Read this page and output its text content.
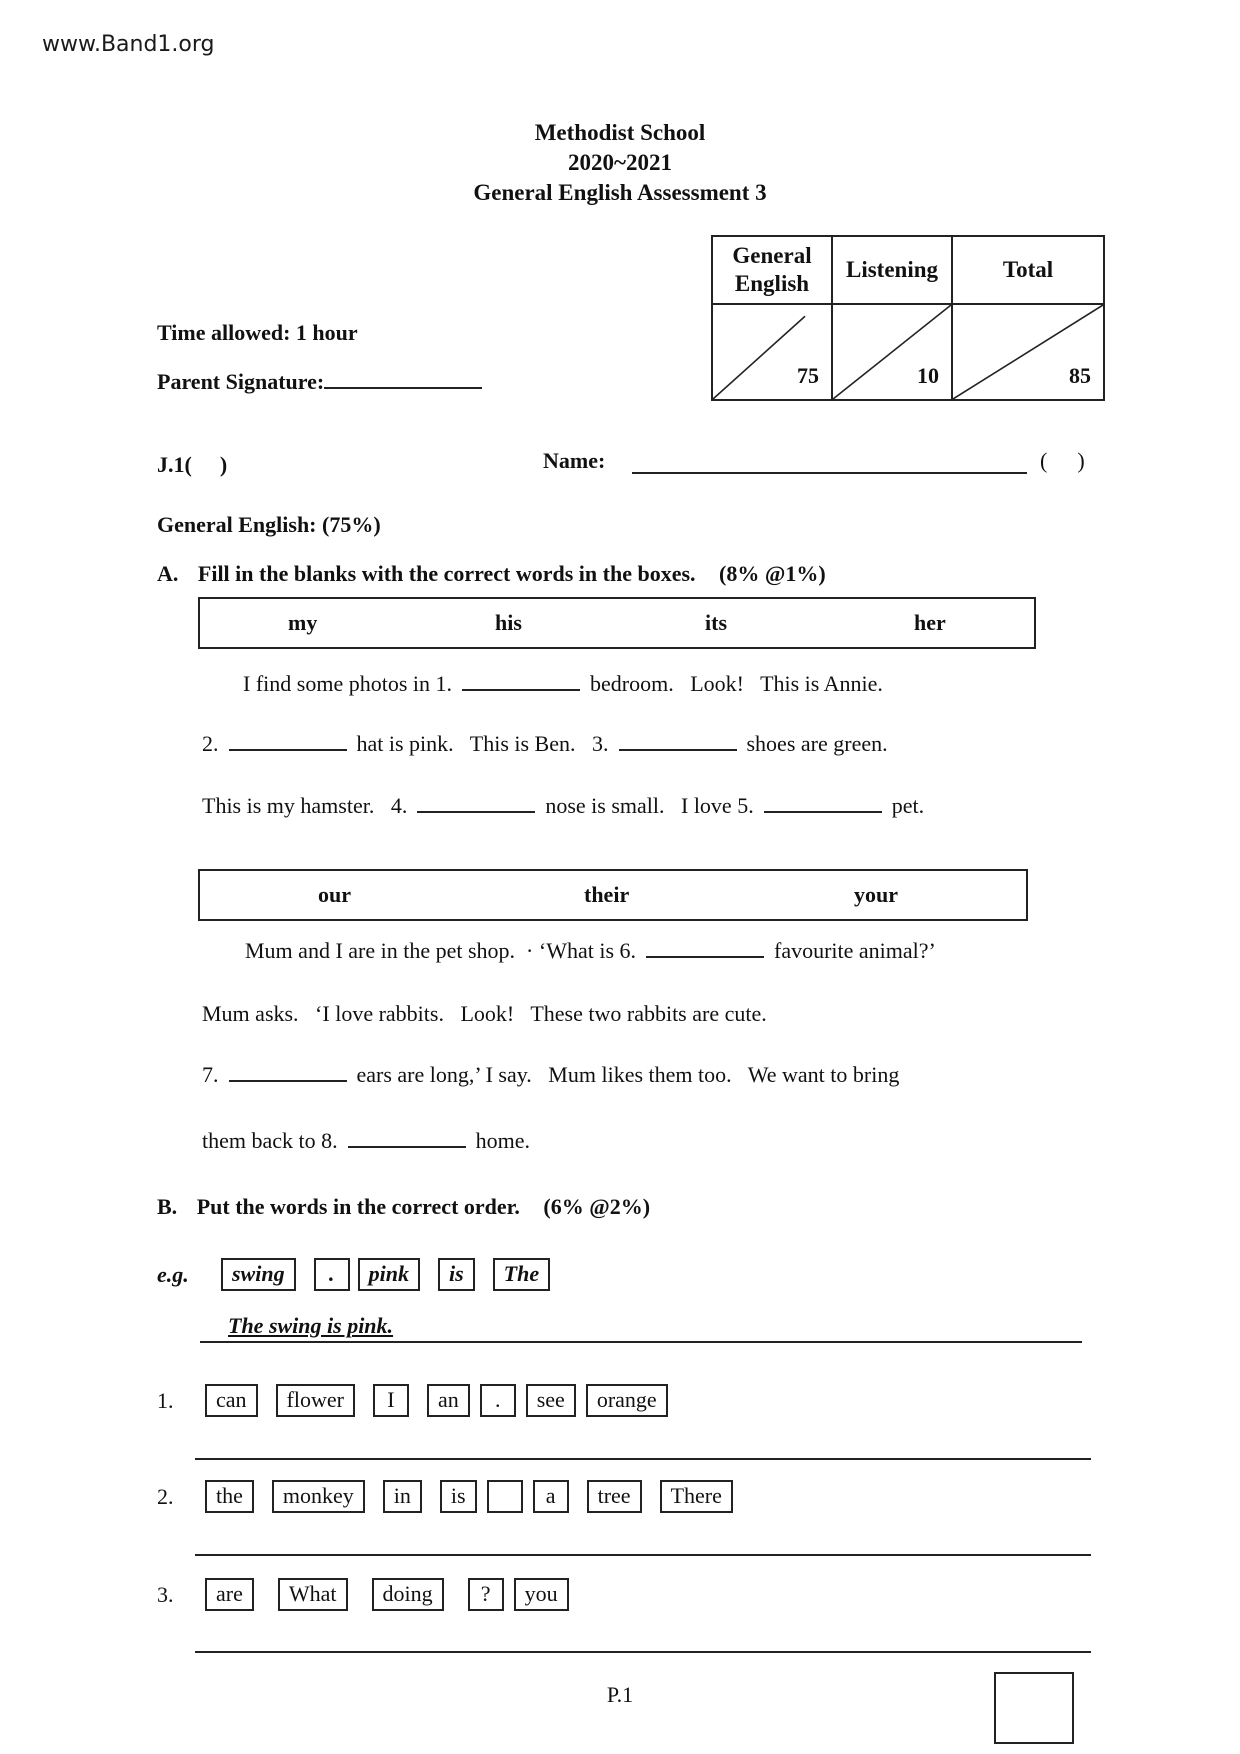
www.Band1.org
Methodist School
2020~2021
General English Assessment 3
General
English	Listening	Total

75	10	85
Time allowed: 1 hour
Parent Signature:
J.1( )	Name:	( )
General English: (75%)
A. Fill in the blanks with the correct words in the boxes. (8% @1%)
my	his	its	her
I find some photos in 1.	bedroom.   Look!   This is Annie.
2.	hat is pink.   This is Ben.   3.	shoes are green.
This is my hamster.   4.	nose is small.   I love 5.	pet.
our	their	your
Mum and I are in the pet shop.  · ‘What is 6.	favourite animal?’
Mum asks.   ‘I love rabbits.   Look!   These two rabbits are cute.
7.	ears are long,’ I say.   Mum likes them too.   We want to bring
them back to 8.	home.
B. Put the words in the correct order. (6% @2%)
e.g.	swing	.	pink	is	The
The swing is pink.
1.	can	flower	I	an	.	see	orange
2.	the	monkey	in	is	a	tree	There
3.	are	What	doing	?	you
P.1
